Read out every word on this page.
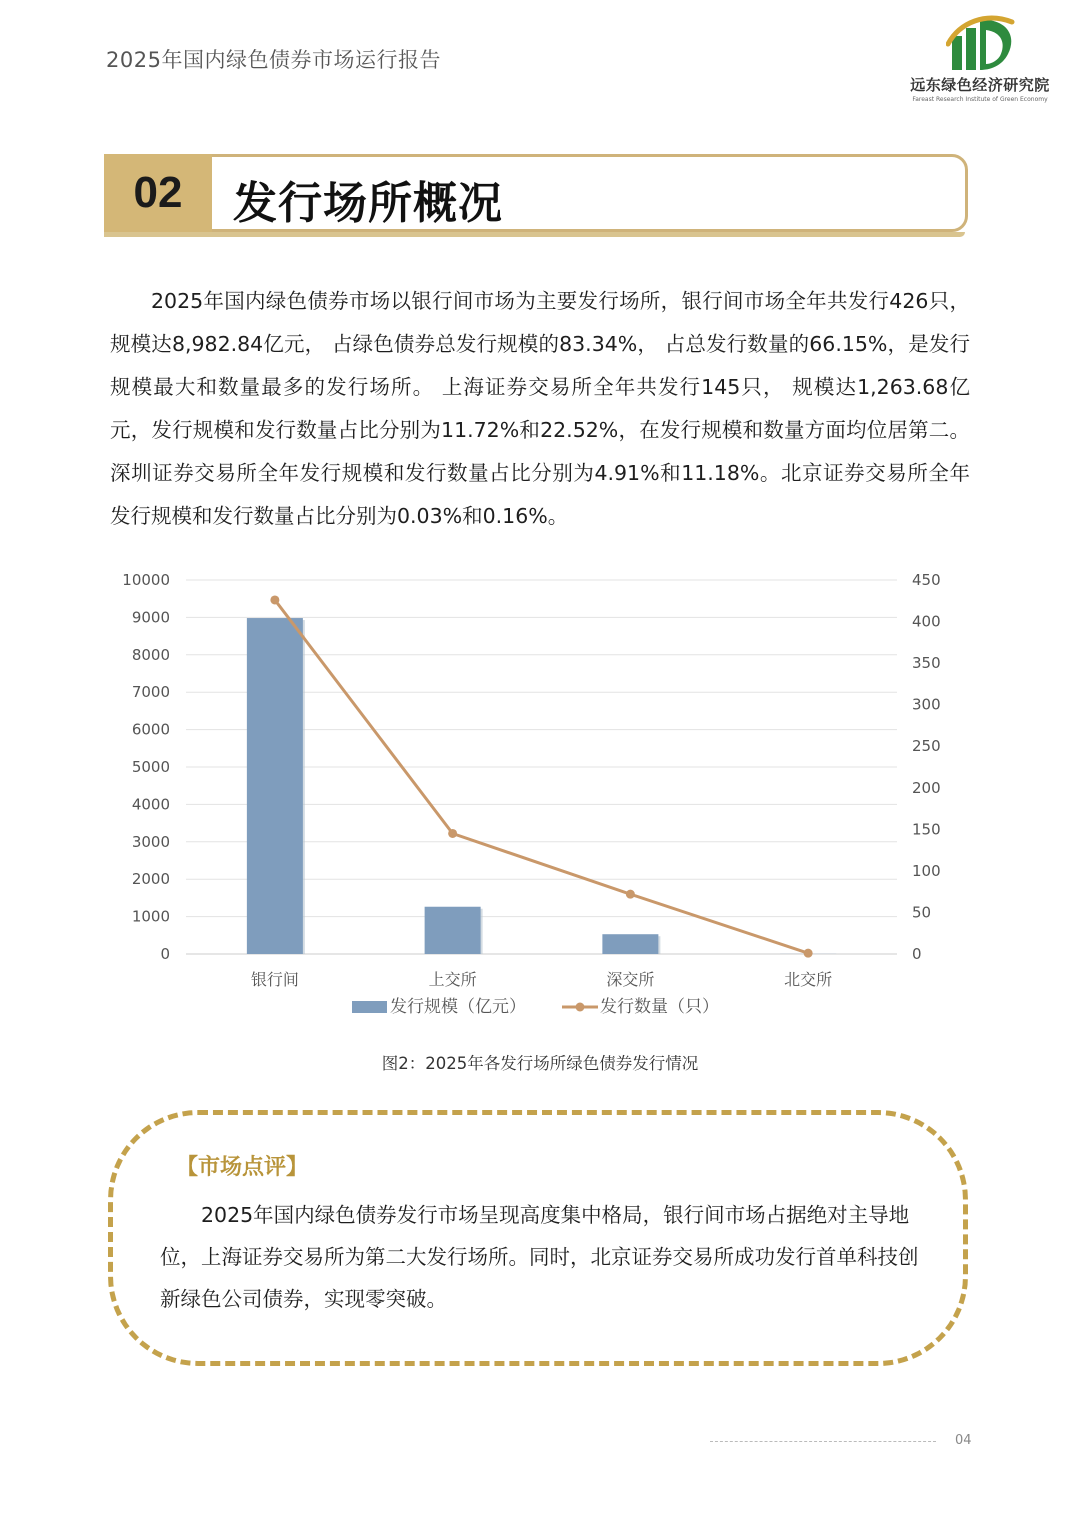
2025年国内绿色债券市场运行报告
远东绿色经济研究院
Fareast Research Institute of Green Economy
02	发行场所概况

2025年国内绿色债券市场以银行间市场为主要发行场所，银行间市场全年共发行426只，规模达8,982.84亿元， 占绿色债券总发行规模的83.34%， 占总发行数量的66.15%，是发行规模最大和数量最多的发行场所。 上海证券交易所全年共发行145只， 规模达1,263.68亿元，发行规模和发行数量占比分别为11.72%和22.52%，在发行规模和数量方面均位居第二。深圳证券交易所全年发行规模和发行数量占比分别为4.91%和11.18%。北京证券交易所全年发行规模和发行数量占比分别为0.03%和0.16%。

0
1000
2000
3000
4000
5000
6000
7000
8000
9000
10000
0
50
100
150
200
250
300
350
400
450
银行间	上交所	深交所	北交所
发行规模（亿元）	发行数量（只）
图2：2025年各发行场所绿色债券发行情况
【市场点评】

2025年国内绿色债券发行市场呈现高度集中格局，银行间市场占据绝对主导地位，上海证券交易所为第二大发行场所。同时，北京证券交易所成功发行首单科技创新绿色公司债券，实现零突破。

04
